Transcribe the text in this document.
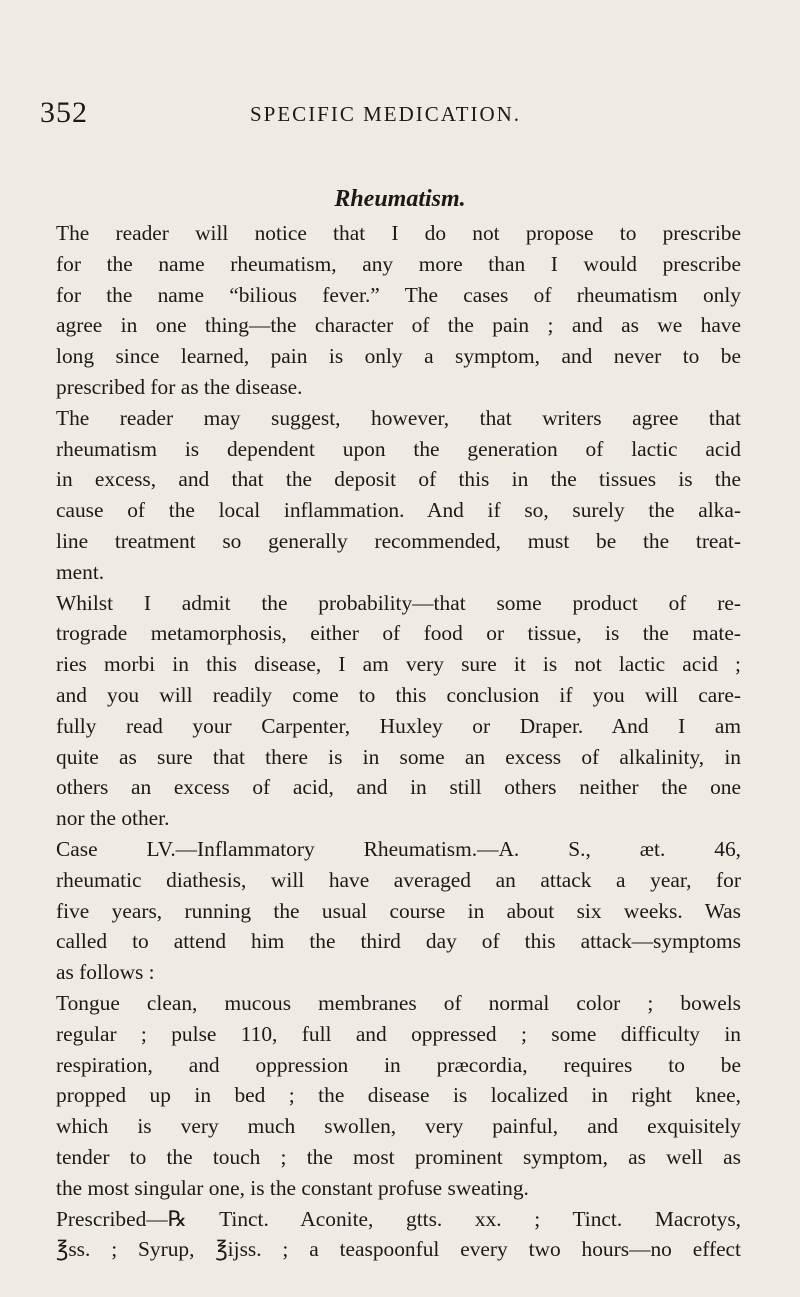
352	SPECIFIC MEDICATION.
Rheumatism.
The reader will notice that I do not propose to prescribe
for the name rheumatism, any more than I would prescribe
for the name “bilious fever.” The cases of rheumatism only
agree in one thing—the character of the pain ; and as we have
long since learned, pain is only a symptom, and never to be
prescribed for as the disease.
The reader may suggest, however, that writers agree that
rheumatism is dependent upon the generation of lactic acid
in excess, and that the deposit of this in the tissues is the
cause of the local inflammation. And if so, surely the alka-
line treatment so generally recommended, must be the treat-
ment.
Whilst I admit the probability—that some product of re-
trograde metamorphosis, either of food or tissue, is the mate-
ries morbi in this disease, I am very sure it is not lactic acid ;
and you will readily come to this conclusion if you will care-
fully read your Carpenter, Huxley or Draper. And I am
quite as sure that there is in some an excess of alkalinity, in
others an excess of acid, and in still others neither the one
nor the other.
Case LV.—Inflammatory Rheumatism.—A. S., æt. 46,
rheumatic diathesis, will have averaged an attack a year, for
five years, running the usual course in about six weeks. Was
called to attend him the third day of this attack—symptoms
as follows :
Tongue clean, mucous membranes of normal color ; bowels
regular ; pulse 110, full and oppressed ; some difficulty in
respiration, and oppression in præcordia, requires to be
propped up in bed ; the disease is localized in right knee,
which is very much swollen, very painful, and exquisitely
tender to the touch ; the most prominent symptom, as well as
the most singular one, is the constant profuse sweating.
Prescribed—℞ Tinct. Aconite, gtts. xx. ; Tinct. Macrotys,
℥ss. ; Syrup, ℥ijss. ; a teaspoonful every two hours—no effect
